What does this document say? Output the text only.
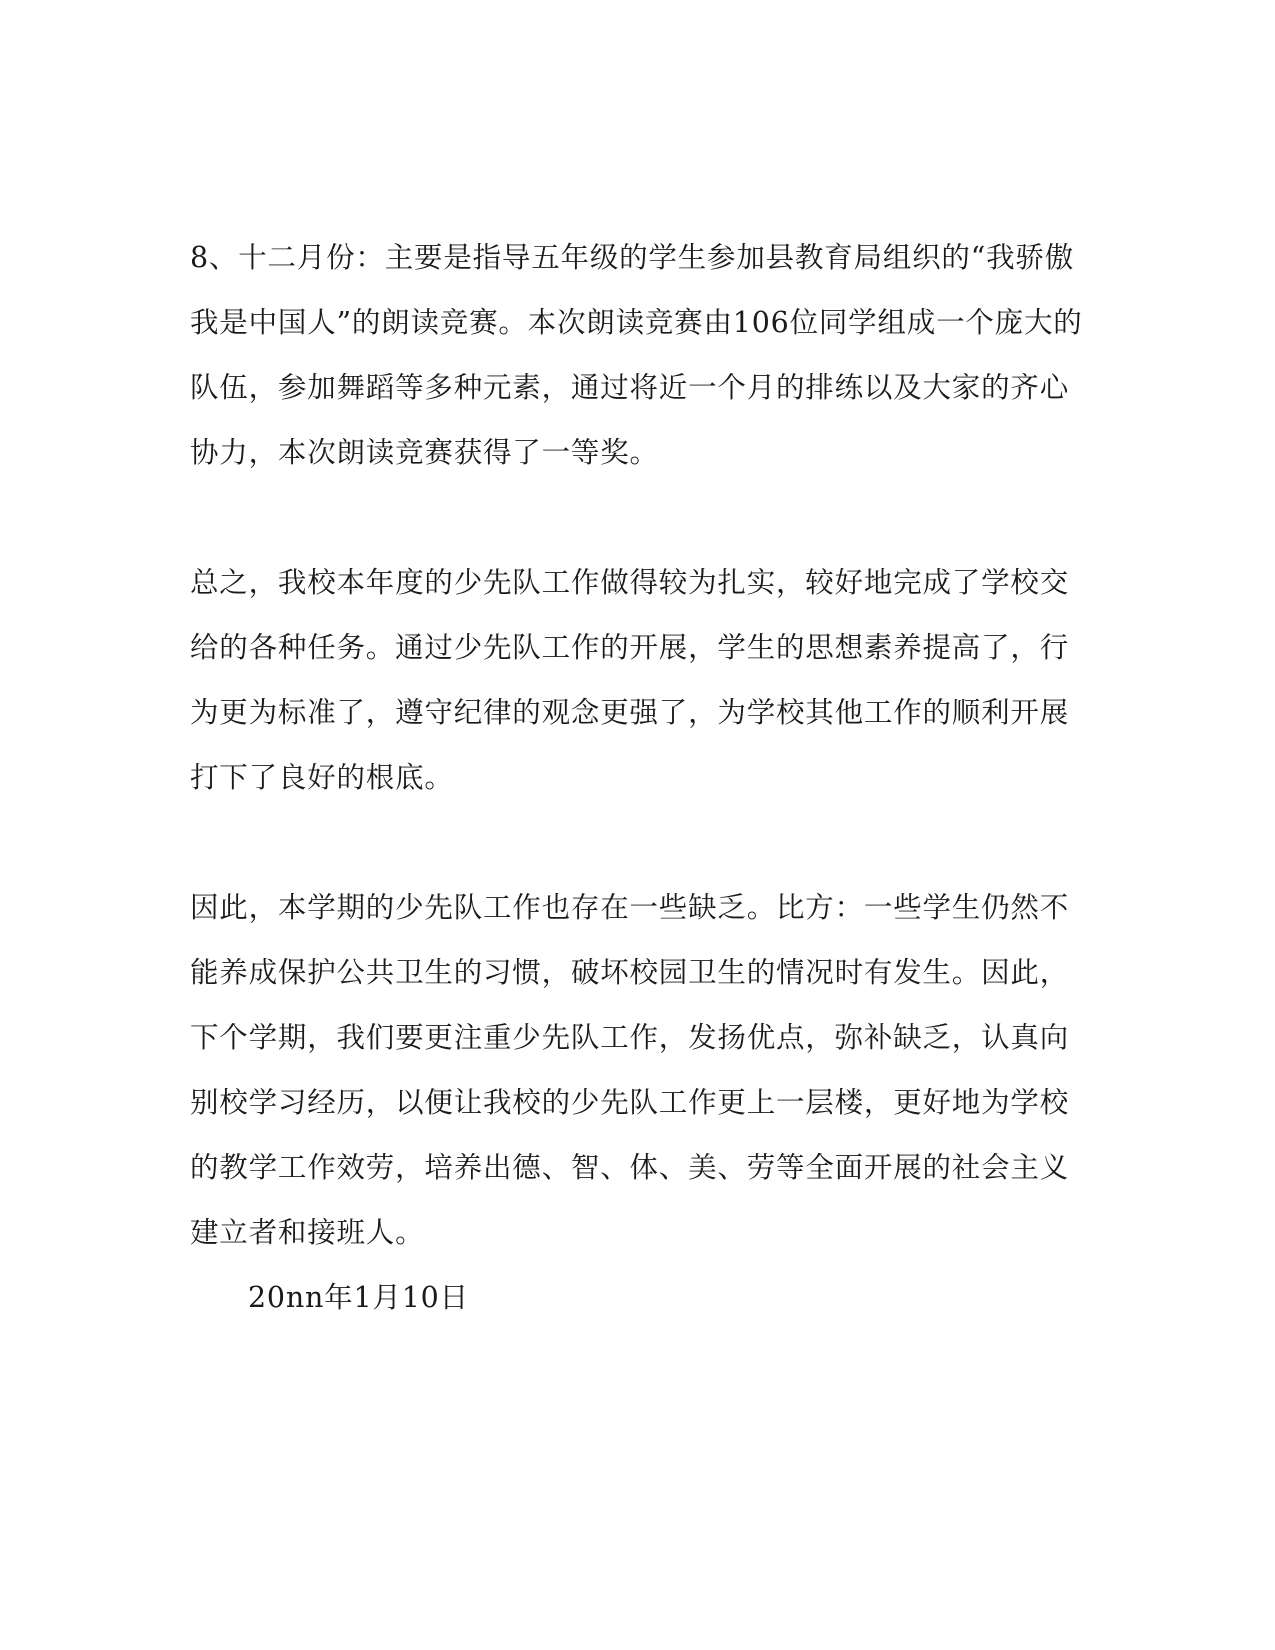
8、十二月份：主要是指导五年级的学生参加县教育局组织的“我骄傲
我是中国人”的朗读竞赛。本次朗读竞赛由106位同学组成一个庞大的
队伍，参加舞蹈等多种元素，通过将近一个月的排练以及大家的齐心
协力，本次朗读竞赛获得了一等奖。
总之，我校本年度的少先队工作做得较为扎实，较好地完成了学校交
给的各种任务。通过少先队工作的开展，学生的思想素养提高了，行
为更为标准了，遵守纪律的观念更强了，为学校其他工作的顺利开展
打下了良好的根底。
因此，本学期的少先队工作也存在一些缺乏。比方：一些学生仍然不
能养成保护公共卫生的习惯，破坏校园卫生的情况时有发生。因此，
下个学期，我们要更注重少先队工作，发扬优点，弥补缺乏，认真向
别校学习经历，以便让我校的少先队工作更上一层楼，更好地为学校
的教学工作效劳，培养出德、智、体、美、劳等全面开展的社会主义
建立者和接班人。

20nn年1月10日
